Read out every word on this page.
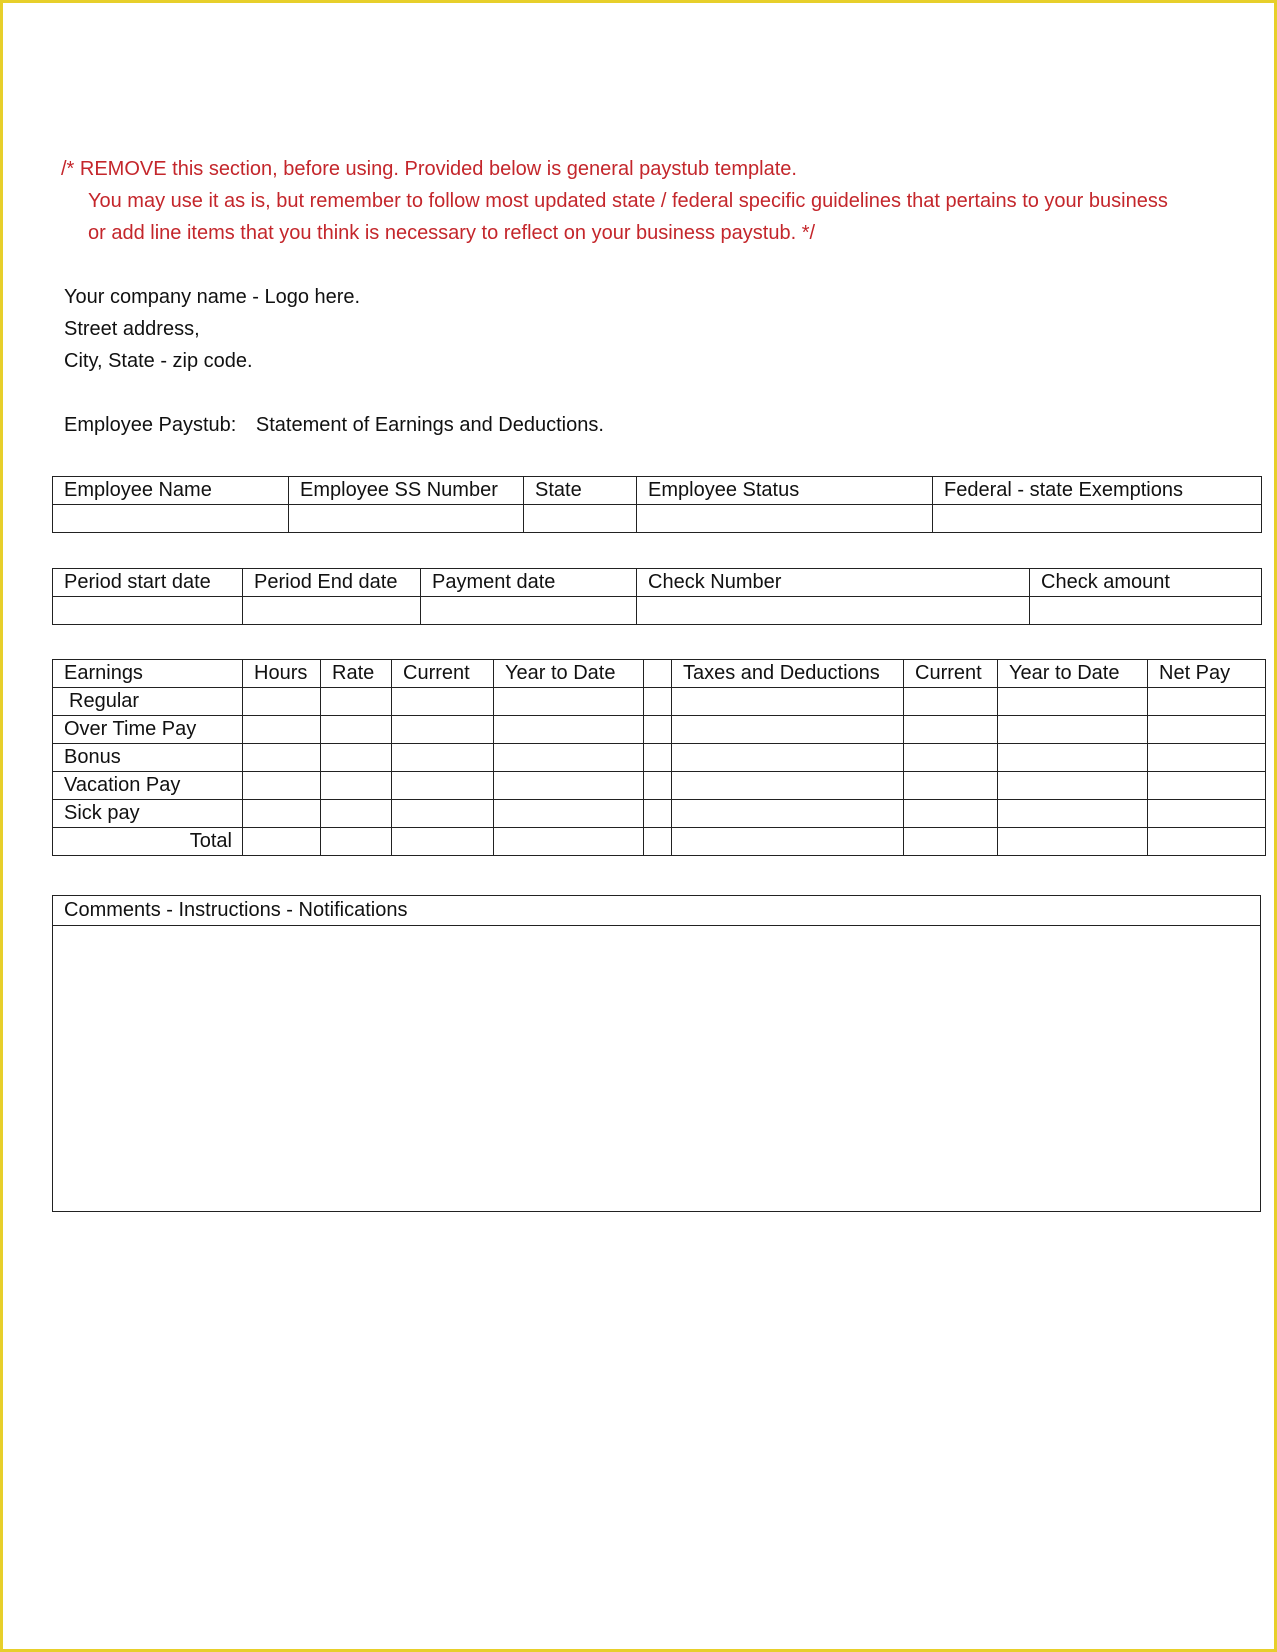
/* REMOVE this section, before using. Provided below is general paystub template.
You may use it as is, but remember to follow most updated state / federal specific guidelines that pertains to your business
or add line items that you think is necessary to reflect on your business paystub. */
Your company name - Logo here.
Street address,
City, State - zip code.
Employee Paystub: Statement of Earnings and Deductions.
Employee Name	Employee SS Number	State	Employee Status	Federal - state Exemptions

Period start date	Period End date	Payment date	Check Number	Check amount

Earnings	Hours	Rate	Current	Year to Date		Taxes and Deductions	Current	Year to Date	Net Pay
Regular									
Over Time Pay									
Bonus									
Vacation Pay									
Sick pay									
Total									
Comments - Instructions - Notifications
